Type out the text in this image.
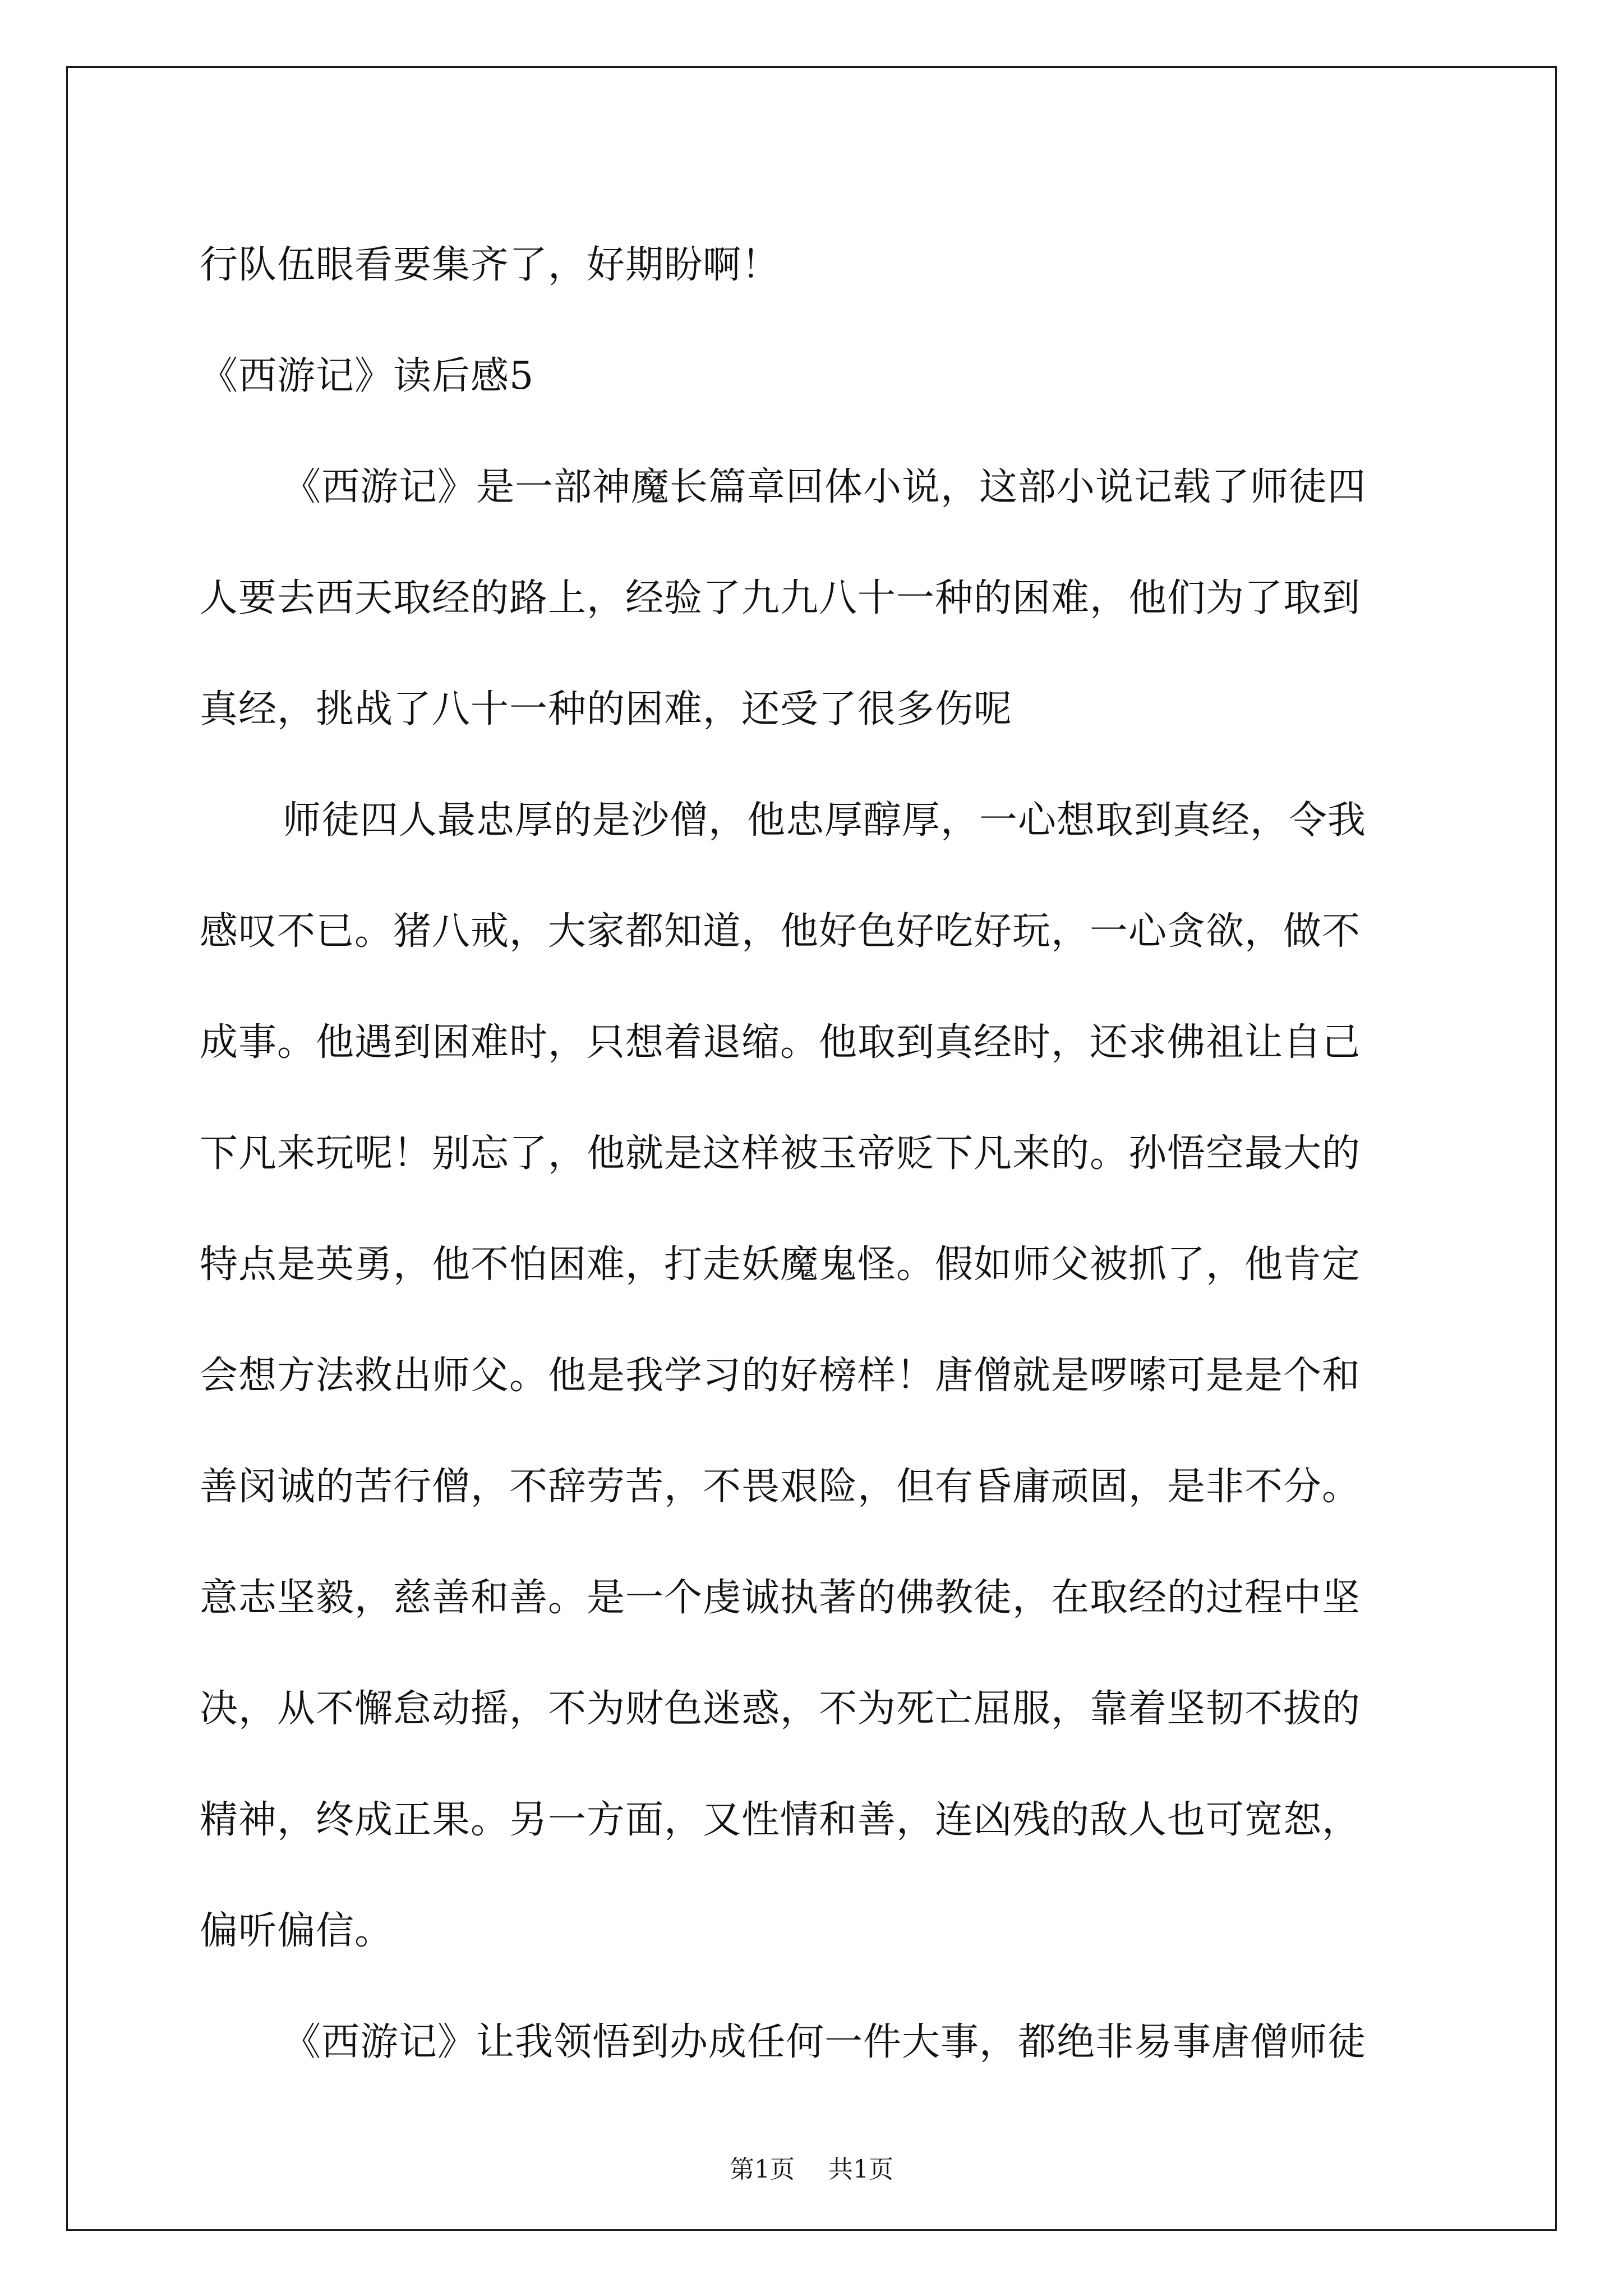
行队伍眼看要集齐了，好期盼啊！
《西游记》读后感5
《西游记》是一部神魔长篇章回体小说，这部小说记载了师徒四
人要去西天取经的路上，经验了九九八十一种的困难，他们为了取到
真经，挑战了八十一种的困难，还受了很多伤呢
师徒四人最忠厚的是沙僧，他忠厚醇厚，一心想取到真经，令我
感叹不已。猪八戒，大家都知道，他好色好吃好玩，一心贪欲，做不
成事。他遇到困难时，只想着退缩。他取到真经时，还求佛祖让自己
下凡来玩呢！别忘了，他就是这样被玉帝贬下凡来的。孙悟空最大的
特点是英勇，他不怕困难，打走妖魔鬼怪。假如师父被抓了，他肯定
会想方法救出师父。他是我学习的好榜样！唐僧就是啰嗦可是是个和
善闵诚的苦行僧，不辞劳苦，不畏艰险，但有昏庸顽固，是非不分。
意志坚毅，慈善和善。是一个虔诚执著的佛教徒，在取经的过程中坚
决，从不懈怠动摇，不为财色迷惑，不为死亡屈服，靠着坚韧不拔的
精神，终成正果。另一方面，又性情和善，连凶残的敌人也可宽恕，
偏听偏信。
《西游记》让我领悟到办成任何一件大事，都绝非易事唐僧师徒
第1页 共1页
